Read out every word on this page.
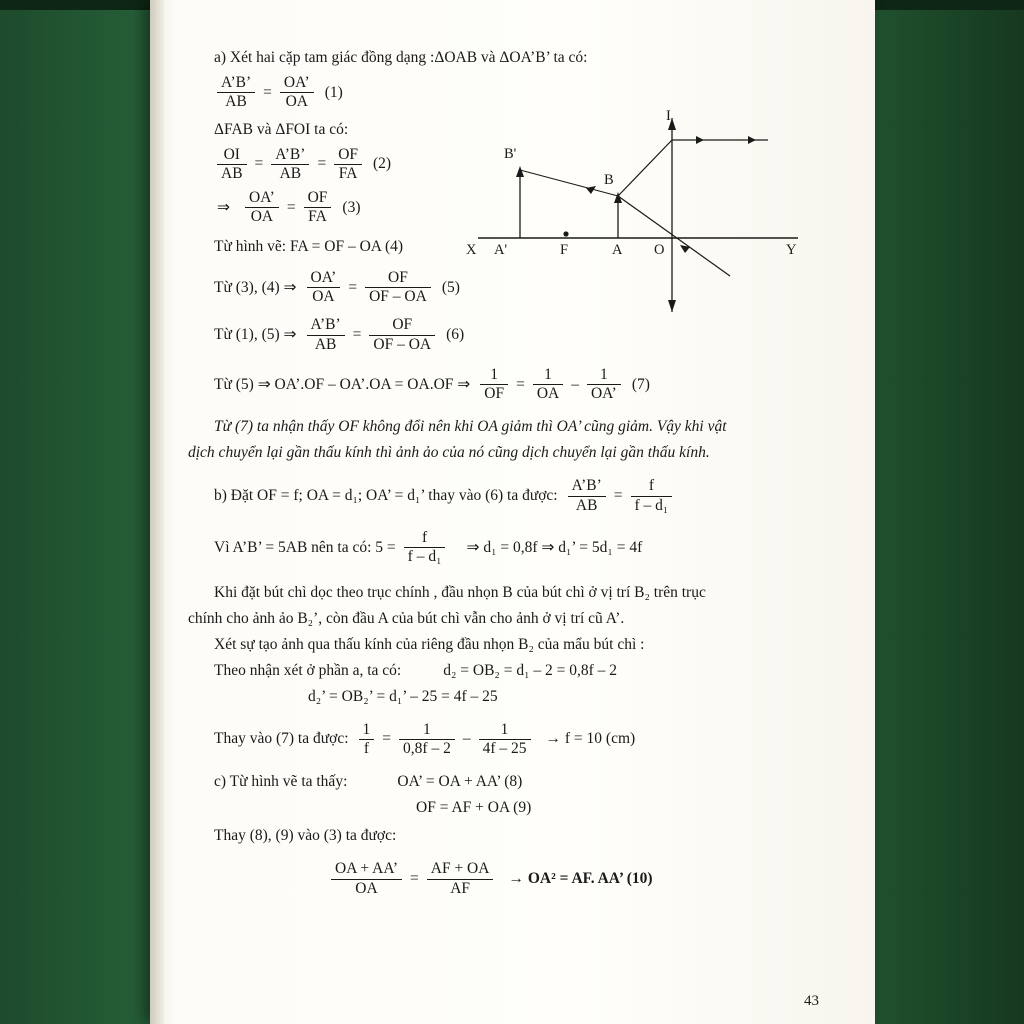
a) Xét hai cặp tam giác đồng dạng :ΔOAB và ΔOA’B’ ta có:
$\frac{A’B’}{AB} = \frac{OA’}{OA} (1)$
ΔFAB và ΔFOI ta có:
$\frac{OI}{AB} = \frac{A’B’}{AB} = \frac{OF}{FA} (2)$
⇒ $\frac{OA’}{OA} = \frac{OF}{FA} (3)$
Từ hình vẽ: FA = OF – OA (4)
Từ (3), (4) ⇒ $\frac{OA’}{OA} = \frac{OF}{OF - OA} (5)$
Từ (1), (5) ⇒ $\frac{A’B’}{AB} = \frac{OF}{OF - OA} (6)$
Từ (5) ⇒ OA’.OF – OA’.OA = OA.OF ⇒ $\frac{1}{OF} = \frac{1}{OA} - \frac{1}{OA’} (7)$
Từ (7) ta nhận thấy OF không đổi nên khi OA giảm thì OA’ cũng giảm. Vậy khi vật
dịch chuyển lại gần thấu kính thì ảnh ảo của nó cũng dịch chuyển lại gần thấu kính.
b) Đặt OF = f; OA = d₁; OA’ = d₁’ thay vào (6) ta được: $\frac{A’B’}{AB} = \frac{f}{\text{f – d₁}}$
Vì A’B’ = 5AB nên ta có: $5 = \frac{f}{\text{f – d₁}}$ ⇒ d₁ = 0,8f ⇒ d₁’ = 5d₁ = 4f
Khi đặt bút chì dọc theo trục chính , đầu nhọn B của bút chì ở vị trí B₂ trên trục
chính cho ảnh ảo B₂’, còn đầu A của bút chì vẫn cho ảnh ở vị trí cũ A’.
Xét sự tạo ảnh qua thấu kính của riêng đầu nhọn B₂ của mẩu bút chì :
Theo nhận xét ở phần a, ta có:	d₂ = OB₂ = d₁ – 2 = 0,8f – 2
d₂’ = OB₂’ = d₁’ – 25 = 4f – 25
Thay vào (7) ta được: $\frac{1}{f} = \frac{1}{0,8f - 2} - \frac{1}{4f - 25} \to f = 10$ (cm)
c) Từ hình vẽ ta thấy:	OA’ = OA + AA’ (8)
OF = AF + OA (9)
Thay (8), (9) vào (3) ta được:
$\frac{OA + AA’}{OA} = \frac{AF + OA}{AF} \to OA^2$ = AF. AA’ (10)
I
B'
B
X A'	F	A O	Y
43
